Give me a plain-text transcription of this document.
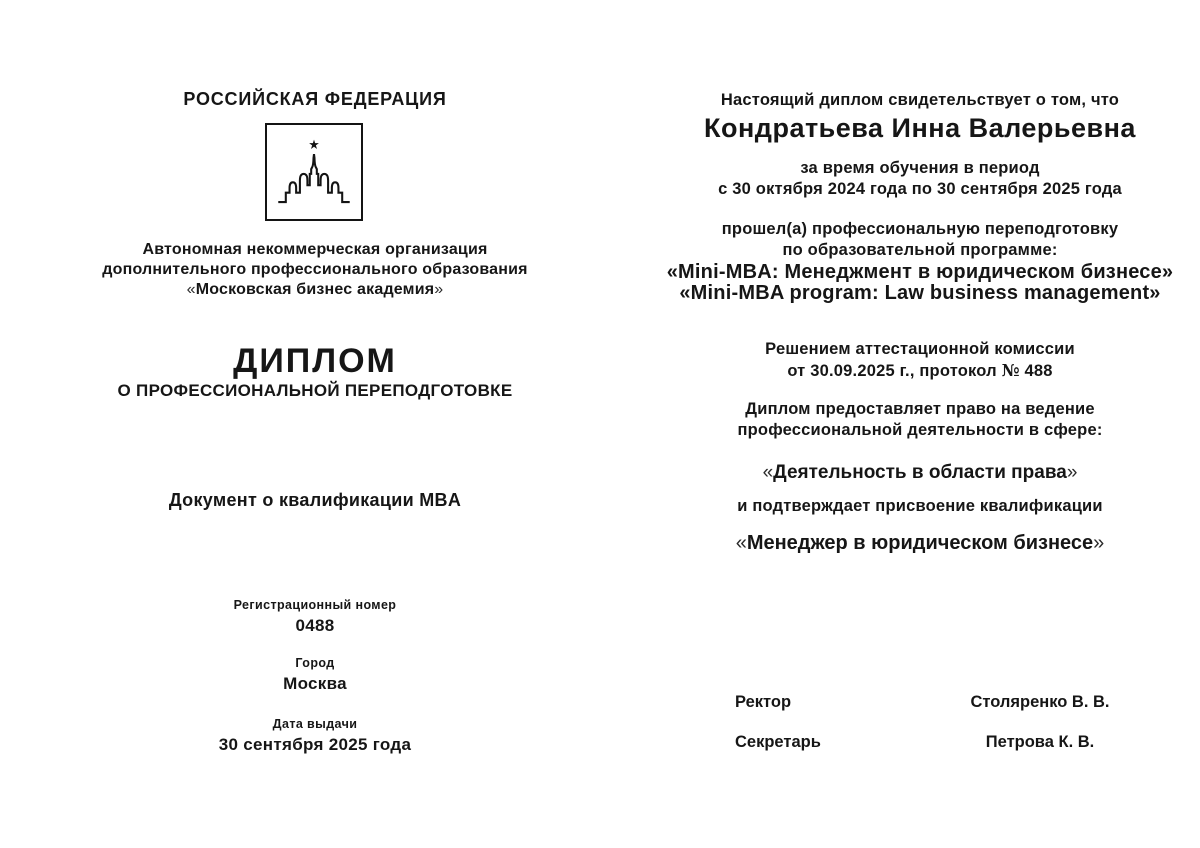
РОССИЙСКАЯ ФЕДЕРАЦИЯ
Автономная некоммерческая организация
дополнительного профессионального образования
«Московская бизнес академия»
ДИПЛОМ
О ПРОФЕССИОНАЛЬНОЙ ПЕРЕПОДГОТОВКЕ
Документ о квалификации MBA
Регистрационный номер
0488
Город
Москва
Дата выдачи
30 сентября 2025 года
Настоящий диплом свидетельствует о том, что
Кондратьева Инна Валерьевна
за время обучения в период
с 30 октября 2024 года по 30 сентября 2025 года
прошел(а) профессиональную переподготовку
по образовательной программе:
«Mini-MBA: Менеджмент в юридическом бизнесе»
«Mini-MBA program: Law business management»
Решением аттестационной комиссии
от 30.09.2025 г., протокол № 488
Диплом предоставляет право на ведение
профессиональной деятельности в сфере:
«Деятельность в области права»
и подтверждает присвоение квалификации
«Менеджер в юридическом бизнесе»
Ректор	Столяренко В. В.
Секретарь	Петрова К. В.
